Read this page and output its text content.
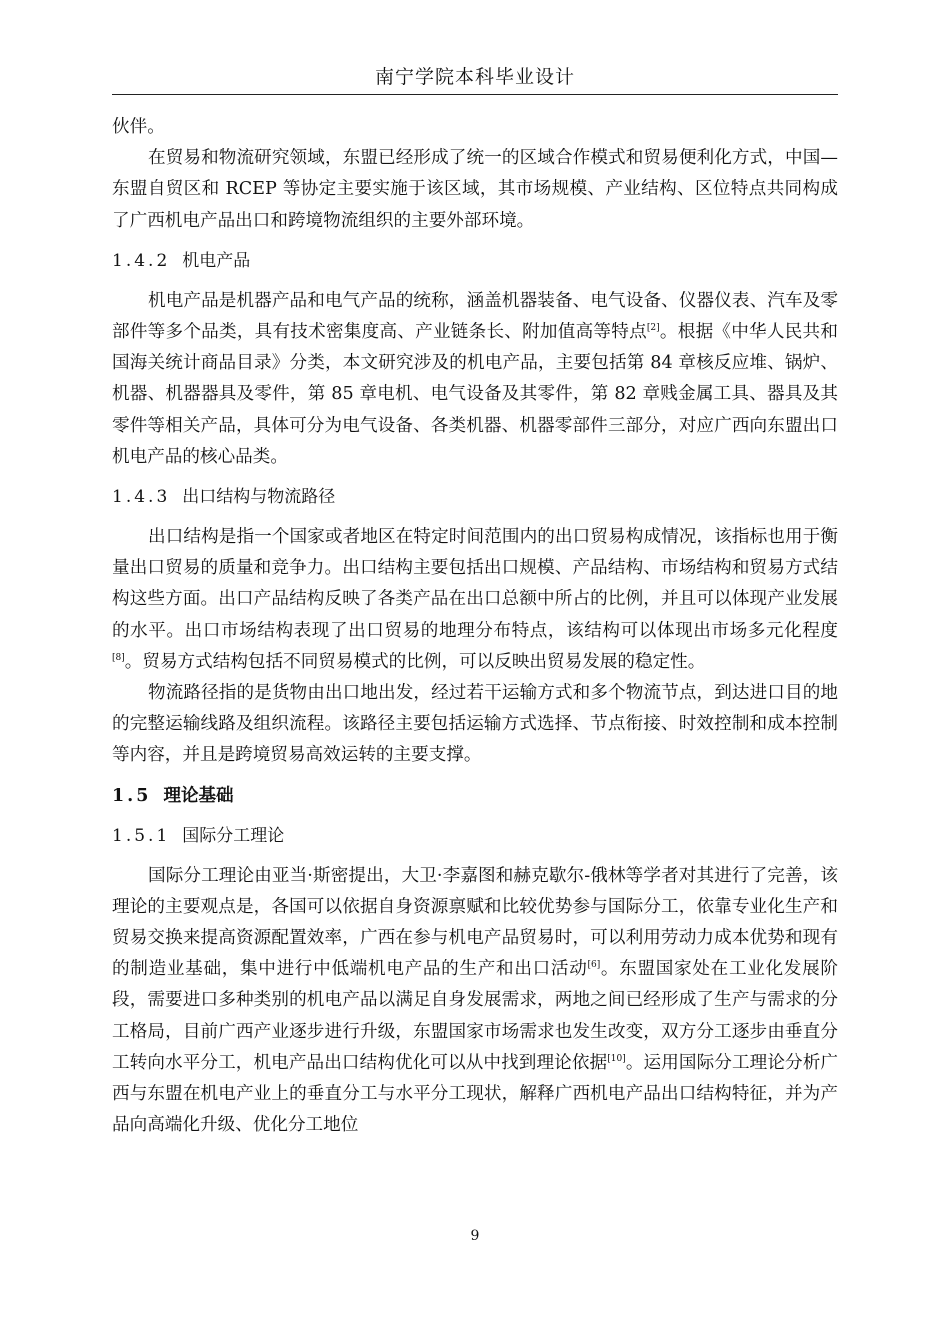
南宁学院本科毕业设计

伙伴。

在贸易和物流研究领域，东盟已经形成了统一的区域合作模式和贸易便利化方式，中国—东盟自贸区和 RCEP 等协定主要实施于该区域，其市场规模、产业结构、区位特点共同构成了广西机电产品出口和跨境物流组织的主要外部环境。

1.4.2 机电产品

机电产品是机器产品和电气产品的统称，涵盖机器装备、电气设备、仪器仪表、汽车及零部件等多个品类，具有技术密集度高、产业链条长、附加值高等特点[2]。根据《中华人民共和国海关统计商品目录》分类，本文研究涉及的机电产品，主要包括第 84 章核反应堆、锅炉、机器、机器器具及零件，第 85 章电机、电气设备及其零件，第 82 章贱金属工具、器具及其零件等相关产品，具体可分为电气设备、各类机器、机器零部件三部分，对应广西向东盟出口机电产品的核心品类。

1.4.3 出口结构与物流路径

出口结构是指一个国家或者地区在特定时间范围内的出口贸易构成情况，该指标也用于衡量出口贸易的质量和竞争力。出口结构主要包括出口规模、产品结构、市场结构和贸易方式结构这些方面。出口产品结构反映了各类产品在出口总额中所占的比例，并且可以体现产业发展的水平。出口市场结构表现了出口贸易的地理分布特点，该结构可以体现出市场多元化程度[8]。贸易方式结构包括不同贸易模式的比例，可以反映出贸易发展的稳定性。

物流路径指的是货物由出口地出发，经过若干运输方式和多个物流节点，到达进口目的地的完整运输线路及组织流程。该路径主要包括运输方式选择、节点衔接、时效控制和成本控制等内容，并且是跨境贸易高效运转的主要支撑。

1.5 理论基础
1.5.1 国际分工理论

国际分工理论由亚当·斯密提出，大卫·李嘉图和赫克歇尔-俄林等学者对其进行了完善，该理论的主要观点是，各国可以依据自身资源禀赋和比较优势参与国际分工，依靠专业化生产和贸易交换来提高资源配置效率，广西在参与机电产品贸易时，可以利用劳动力成本优势和现有的制造业基础，集中进行中低端机电产品的生产和出口活动[6]。东盟国家处在工业化发展阶段，需要进口多种类别的机电产品以满足自身发展需求，两地之间已经形成了生产与需求的分工格局，目前广西产业逐步进行升级，东盟国家市场需求也发生改变，双方分工逐步由垂直分工转向水平分工，机电产品出口结构优化可以从中找到理论依据[10]。运用国际分工理论分析广西与东盟在机电产业上的垂直分工与水平分工现状，解释广西机电产品出口结构特征，并为产品向高端化升级、优化分工地位

9
